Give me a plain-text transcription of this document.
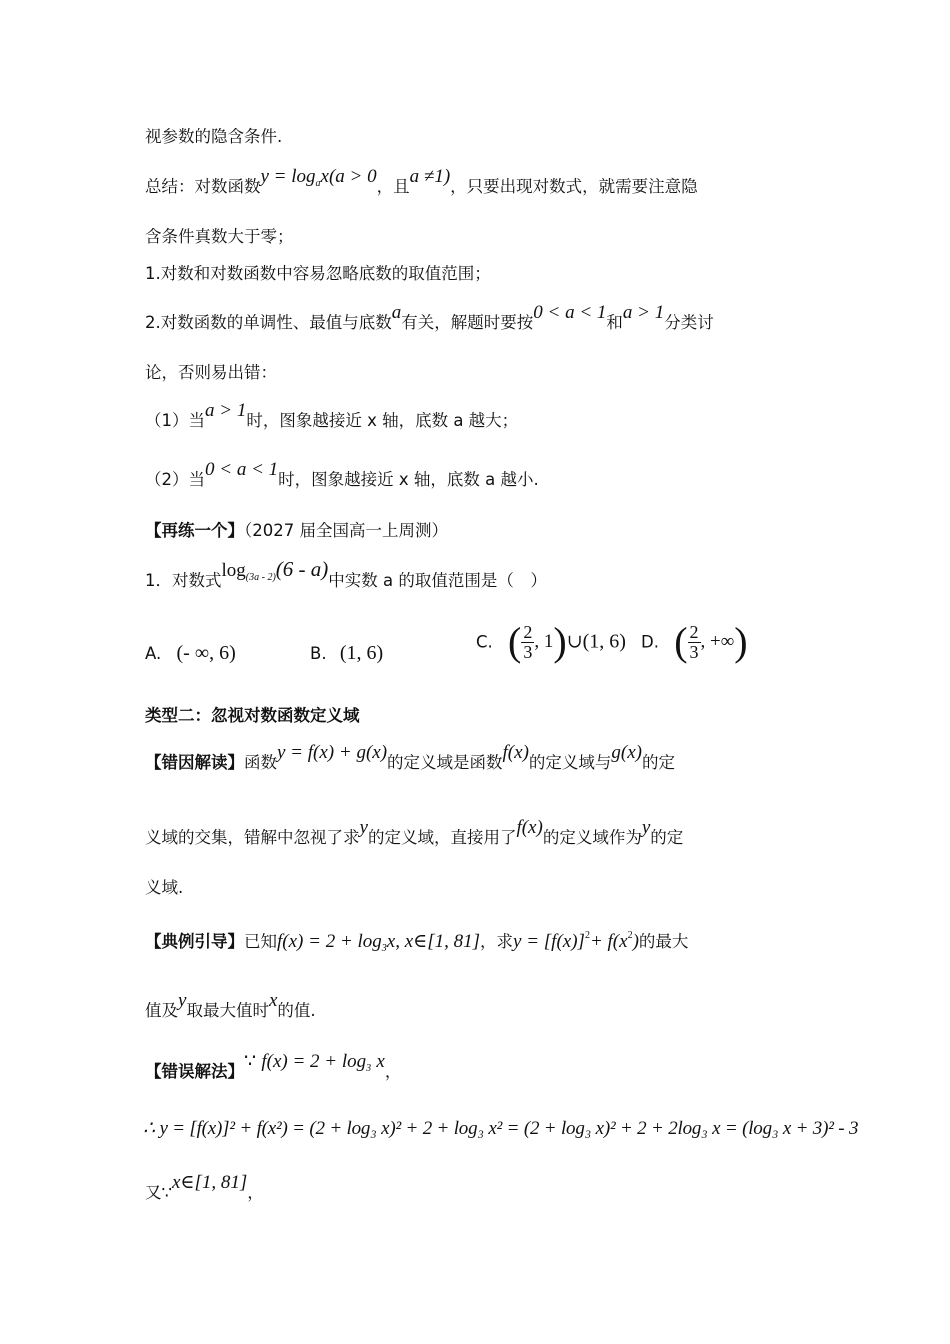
视参数的隐含条件.
总结：对数函数$y = \log_ax(a > 0$，且a ≠1)，只要出现对数式，就需要注意隐
含条件真数大于零；
1.对数和对数函数中容易忽略底数的取值范围；
2.对数函数的单调性、最值与底数a有关，解题时要按0 < a < 1和a > 1分类讨
论，否则易出错：
（1）当a > 1时，图象越接近 x 轴，底数 a 越大；
（2）当0 < a < 1时，图象越接近 x 轴，底数 a 越小.
【再练一个】（2027 届全国高一上周测）
1．对数式$\log_{(3a - 2)}(6 - a)$中实数 a 的取值范围是（　）
A. (- ∞, 6)	B. (1, 6)	C. ( $\frac{2}{3}$ , 1)∪(1, 6) D. ( $\frac{2}{3}$ , +∞)
类型二：忽视对数函数定义域
【错因解读】函数y = f(x) + g(x)的定义域是函数f(x)的定义域与g(x)的定
义域的交集，错解中忽视了求y的定义域，直接用了f(x)的定义域作为y的定
义域.
【典例引导】已知$f(x) = 2 + \log_3x$, x∈[1, 81]，求$y = [f(x)]^2+ f(x^2)$的最大
值及y取最大值时x的值.
【错误解法】∵ $f(x) = 2 + \log_3 x$，
∴ y = [f(x)]² + f(x²) = (2 + log₃ x)² + 2 + log₃ x² = (2 + log₃ x)² + 2 + 2log₃ x = (log₃ x + 3)² - 3
又∵x∈[1, 81]，
